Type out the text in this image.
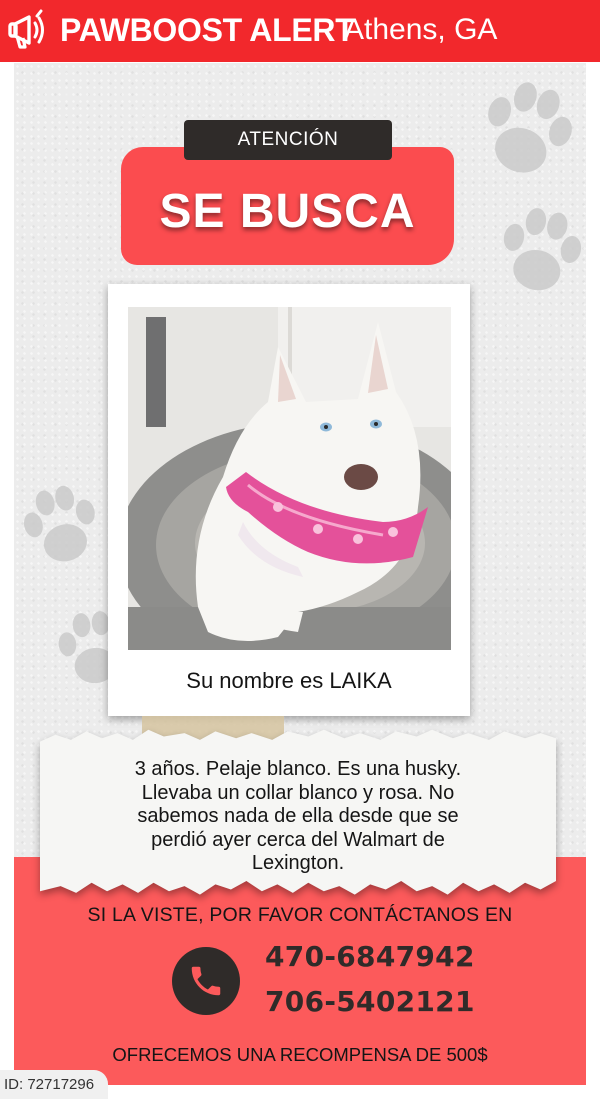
PAWBOOST ALERT
Athens, GA
SE BUSCA
ATENCIÓN
Su nombre es LAIKA
3 años. Pelaje blanco. Es una husky.
Llevaba un collar blanco y rosa. No
sabemos nada de ella desde que se
perdió ayer cerca del Walmart de
Lexington.
SI LA VISTE, POR FAVOR CONTÁCTANOS EN
470-6847942
706-5402121
OFRECEMOS UNA RECOMPENSA DE 500$
ID: 72717296
